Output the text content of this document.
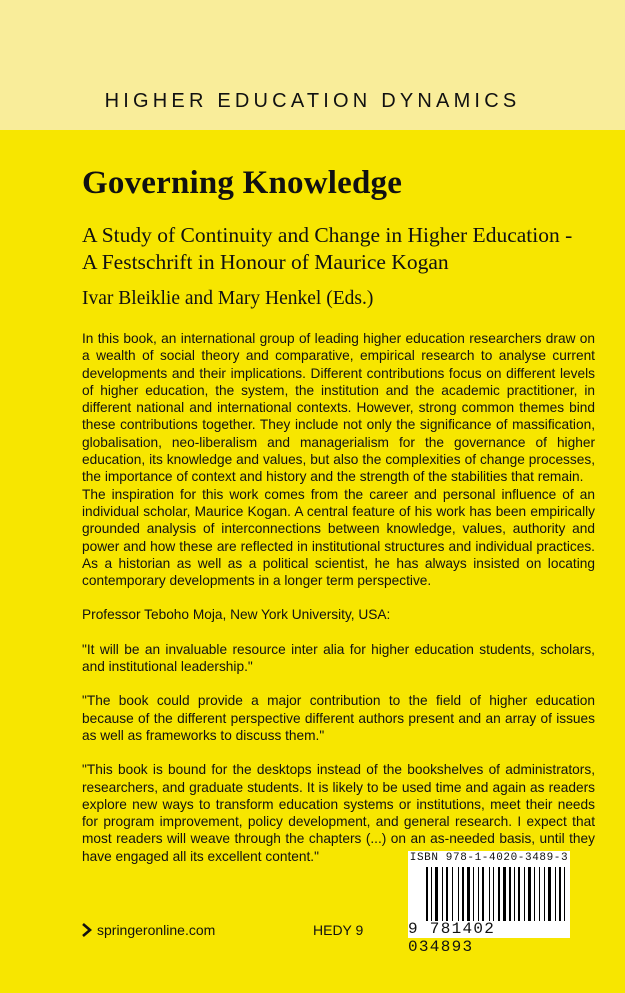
HIGHER EDUCATION DYNAMICS
Governing Knowledge
A Study of Continuity and Change in Higher Education -
A Festschrift in Honour of Maurice Kogan
Ivar Bleiklie and Mary Henkel (Eds.)

In this book, an international group of leading higher education researchers draw on a wealth of social theory and comparative, empirical research to analyse current developments and their implications. Different contributions focus on different levels of higher education, the system, the institution and the academic practitioner, in different national and international contexts. However, strong common themes bind these contributions together. They include not only the significance of massification, globalisation, neo-liberalism and managerialism for the governance of higher education, its knowledge and values, but also the complexities of change processes, the importance of context and history and the strength of the stabilities that remain.

The inspiration for this work comes from the career and personal influence of an individual scholar, Maurice Kogan. A central feature of his work has been empirically grounded analysis of interconnections between knowledge, values, authority and power and how these are reflected in institutional structures and individual practices. As a historian as well as a political scientist, he has always insisted on locating contemporary developments in a longer term perspective.

Professor Teboho Moja, New York University, USA:

"It will be an invaluable resource inter alia for higher education students, scholars, and institutional leadership."

"The book could provide a major contribution to the field of higher education because of the different perspective different authors present and an array of issues as well as frameworks to discuss them."

"This book is bound for the desktops instead of the bookshelves of administrators, researchers, and graduate students. It is likely to be used time and again as readers explore new ways to transform education systems or institutions, meet their needs for program improvement, policy development, and general research. I expect that most readers will weave through the chapters (...) on an as-needed basis, until they have engaged all its excellent content."	ISBN 978-1-4020-3489-3
9 781402 034893
springeronline.com	HEDY 9
